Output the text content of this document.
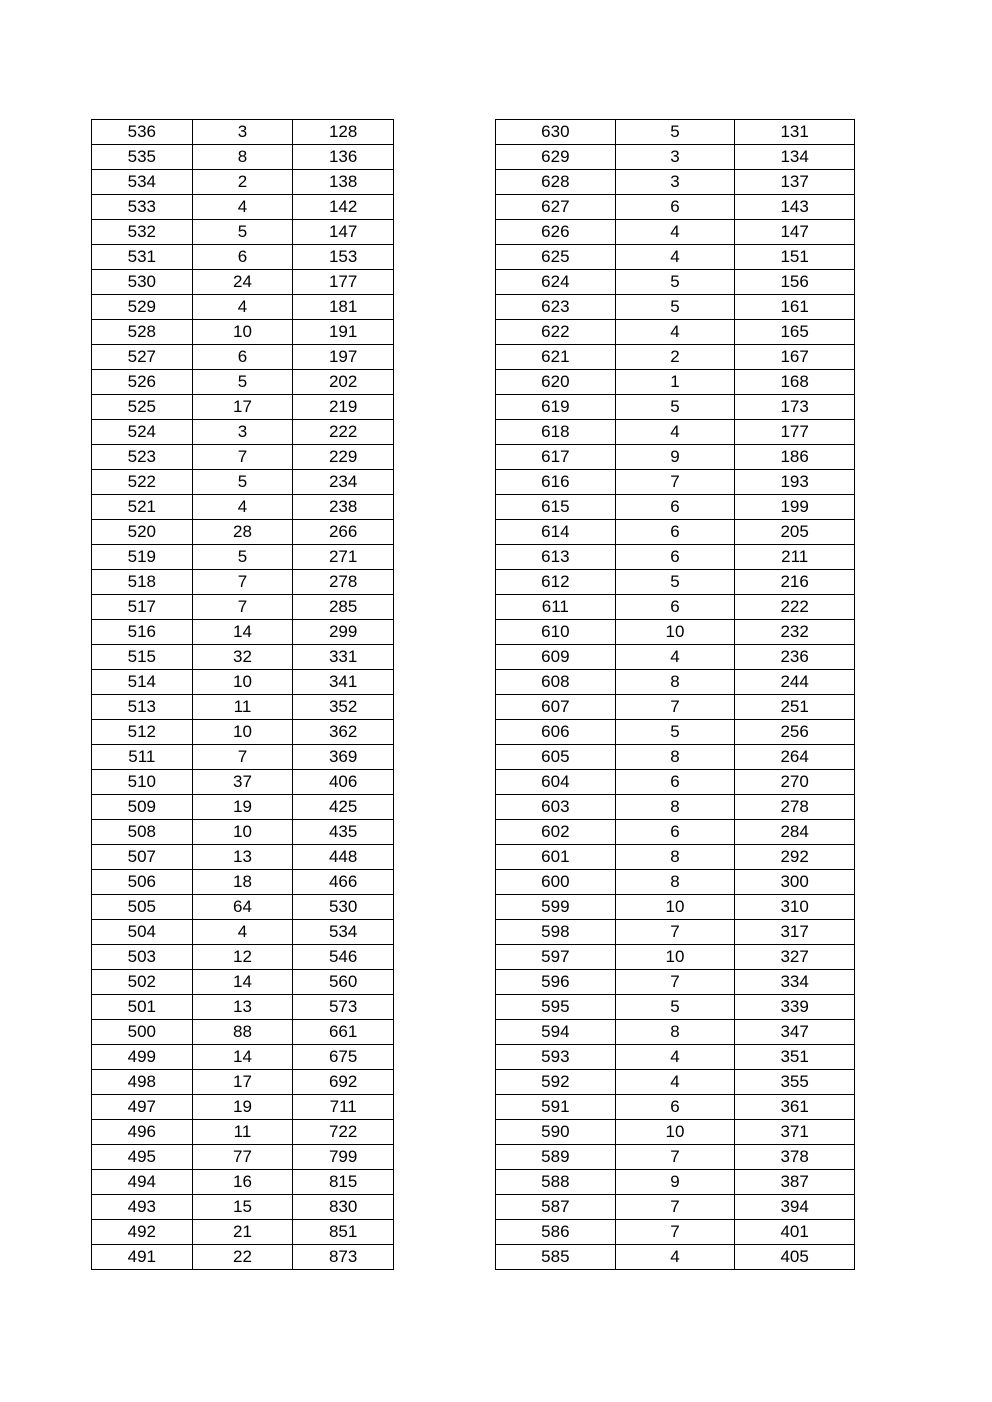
536	3	128
535	8	136
534	2	138
533	4	142
532	5	147
531	6	153
530	24	177
529	4	181
528	10	191
527	6	197
526	5	202
525	17	219
524	3	222
523	7	229
522	5	234
521	4	238
520	28	266
519	5	271
518	7	278
517	7	285
516	14	299
515	32	331
514	10	341
513	11	352
512	10	362
511	7	369
510	37	406
509	19	425
508	10	435
507	13	448
506	18	466
505	64	530
504	4	534
503	12	546
502	14	560
501	13	573
500	88	661
499	14	675
498	17	692
497	19	711
496	11	722
495	77	799
494	16	815
493	15	830
492	21	851
491	22	873
630	5	131
629	3	134
628	3	137
627	6	143
626	4	147
625	4	151
624	5	156
623	5	161
622	4	165
621	2	167
620	1	168
619	5	173
618	4	177
617	9	186
616	7	193
615	6	199
614	6	205
613	6	211
612	5	216
611	6	222
610	10	232
609	4	236
608	8	244
607	7	251
606	5	256
605	8	264
604	6	270
603	8	278
602	6	284
601	8	292
600	8	300
599	10	310
598	7	317
597	10	327
596	7	334
595	5	339
594	8	347
593	4	351
592	4	355
591	6	361
590	10	371
589	7	378
588	9	387
587	7	394
586	7	401
585	4	405
